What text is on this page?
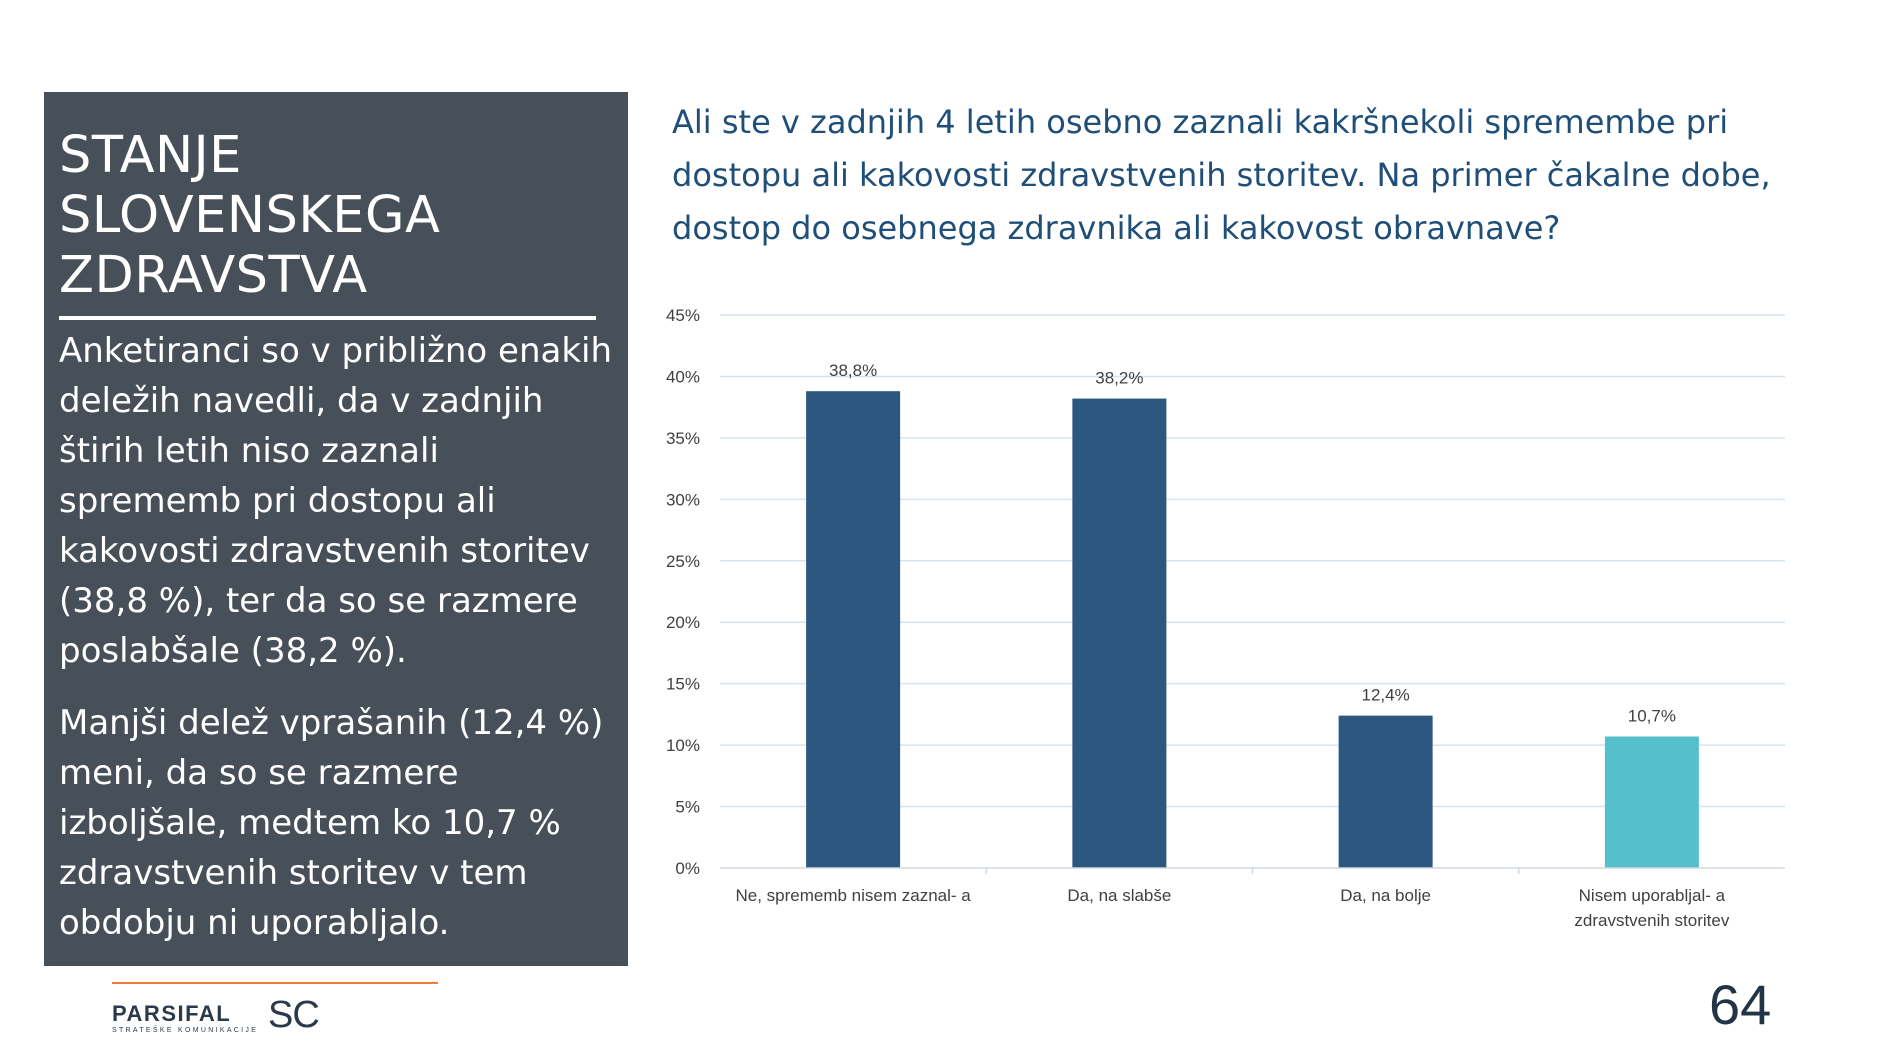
STANJE
SLOVENSKEGA
ZDRAVSTVA

Anketiranci so v približno enakih deležih navedli, da v zadnjih štirih letih niso zaznali sprememb pri dostopu ali kakovosti zdravstvenih storitev (38,8 %), ter da so se razmere poslabšale (38,2 %).

Manjši delež vprašanih (12,4 %) meni, da so se razmere izboljšale, medtem ko 10,7 % zdravstvenih storitev v tem obdobju ni uporabljalo.

Ali ste v zadnjih 4 letih osebno zaznali kakršnekoli spremembe pri dostopu ali kakovosti zdravstvenih storitev. Na primer čakalne dobe, dostop do osebnega zdravnika ali kakovost obravnave?
0%
5%
10%
15%
20%
25%
30%
35%
40%
45%
38,8%	38,2%
12,4%
10,7%
Ne, sprememb nisem zaznal- a	Da, na slabše	Da, na bolje	Nisem uporabljal- a
zdravstvenih storitev
PARSIFAL SC
STRATEŠKE KOMUNIKACIJE	64
